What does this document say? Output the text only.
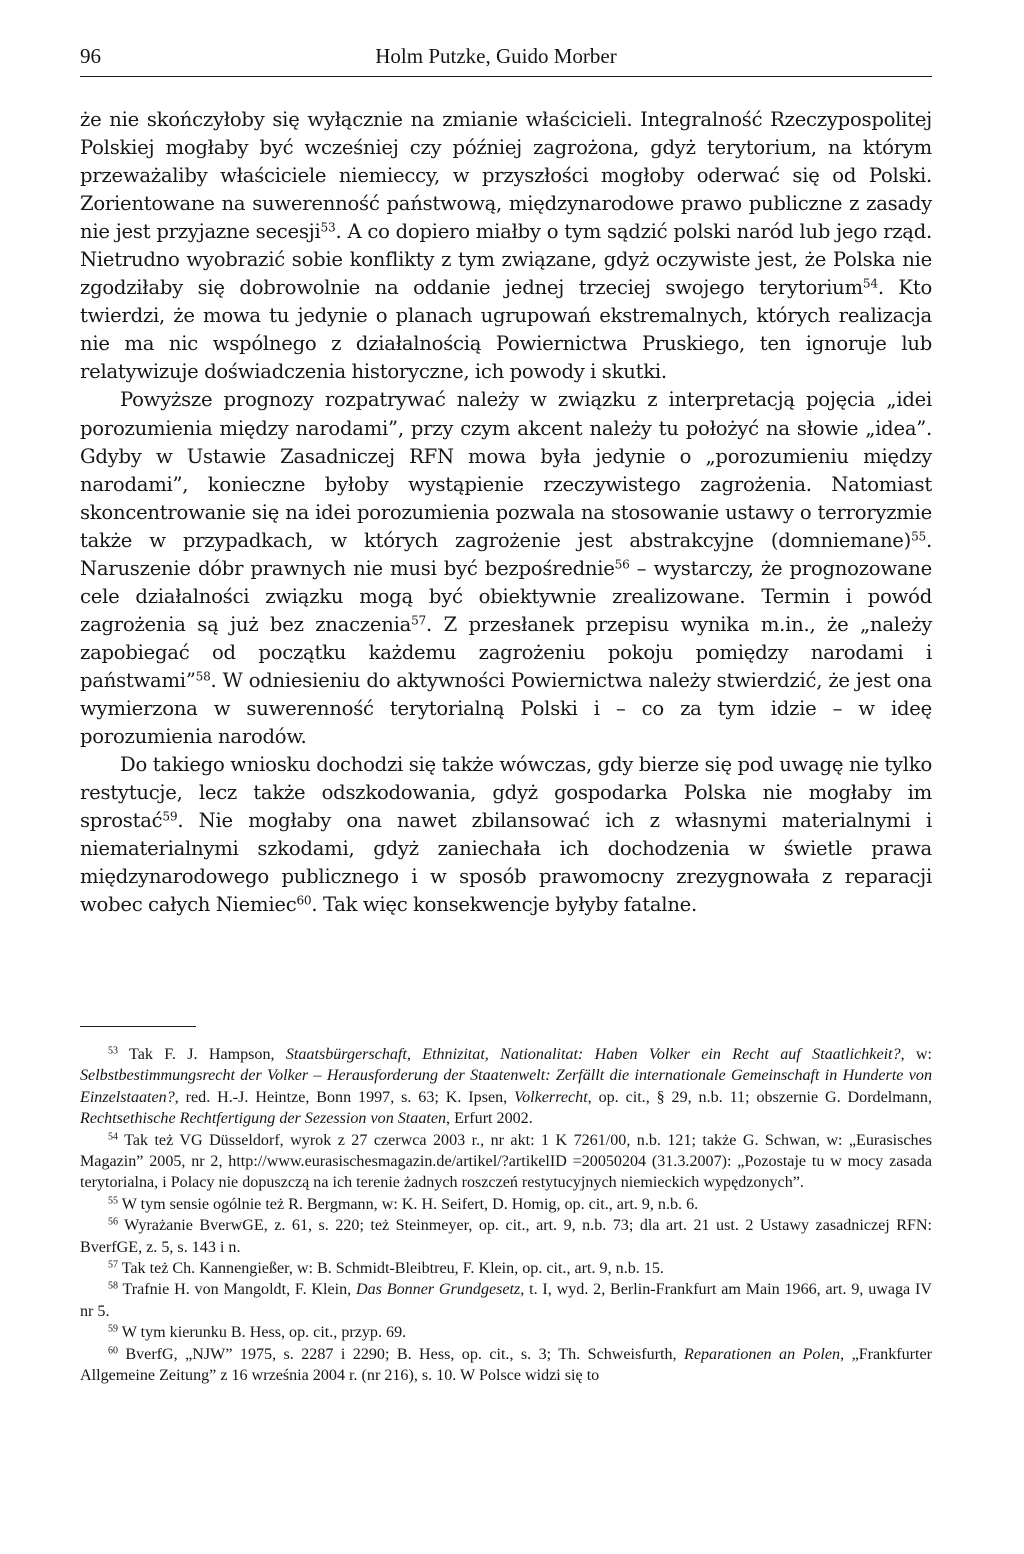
96	Holm Putzke, Guido Morber

że nie skończyłoby się wyłącznie na zmianie właścicieli. Integralność Rzeczypospolitej Polskiej mogłaby być wcześniej czy później zagrożona, gdyż terytorium, na którym przeważaliby właściciele niemieccy, w przyszłości mogłoby oderwać się od Polski. Zorientowane na suwerenność państwową, międzynarodowe prawo publiczne z zasady nie jest przyjazne secesji$^{53}$. A co dopiero miałby o tym sądzić polski naród lub jego rząd. Nietrudno wyobrazić sobie konflikty z tym związane, gdyż oczywiste jest, że Polska nie zgodziłaby się dobrowolnie na oddanie jednej trzeciej swojego terytorium$^{54}$. Kto twierdzi, że mowa tu jedynie o planach ugrupowań ekstremalnych, których realizacja nie ma nic wspólnego z działalnością Powiernictwa Pruskiego, ten ignoruje lub relatywizuje doświadczenia historyczne, ich powody i skutki.

Powyższe prognozy rozpatrywać należy w związku z interpretacją pojęcia „idei porozumienia między narodami”, przy czym akcent należy tu położyć na słowie „idea”. Gdyby w Ustawie Zasadniczej RFN mowa była jedynie o „porozumieniu między narodami”, konieczne byłoby wystąpienie rzeczywistego zagrożenia. Natomiast skoncentrowanie się na idei porozumienia pozwala na stosowanie ustawy o terroryzmie także w przypadkach, w których zagrożenie jest abstrakcyjne (domniemane)$^{55}$. Naruszenie dóbr prawnych nie musi być bezpośrednie$^{56}$ – wystarczy, że prognozowane cele działalności związku mogą być obiektywnie zrealizowane. Termin i powód zagrożenia są już bez znaczenia$^{57}$. Z przesłanek przepisu wynika m.in., że „należy zapobiegać od początku każdemu zagrożeniu pokoju pomiędzy narodami i państwami”$^{58}$. W odniesieniu do aktywności Powiernictwa należy stwierdzić, że jest ona wymierzona w suwerenność terytorialną Polski i – co za tym idzie – w ideę porozumienia narodów.

Do takiego wniosku dochodzi się także wówczas, gdy bierze się pod uwagę nie tylko restytucje, lecz także odszkodowania, gdyż gospodarka Polska nie mogłaby im sprostać$^{59}$. Nie mogłaby ona nawet zbilansować ich z własnymi materialnymi i niematerialnymi szkodami, gdyż zaniechała ich dochodzenia w świetle prawa międzynarodowego publicznego i w sposób prawomocny zrezygnowała z reparacji wobec całych Niemiec$^{60}$. Tak więc konsekwencje byłyby fatalne.

$^{53}$ Tak F. J. Hampson, Staatsbürgerschaft, Ethnizitat, Nationalitat: Haben Volker ein Recht auf Staatlichkeit?, w: Selbstbestimmungsrecht der Volker – Herausforderung der Staatenwelt: Zerfällt die internationale Gemeinschaft in Hunderte von Einzelstaaten?, red. H.-J. Heintze, Bonn 1997, s. 63; K. Ipsen, Volkerrecht, op. cit., § 29, n.b. 11; obszernie G. Dordelmann, Rechtsethische Rechtfertigung der Sezession von Staaten, Erfurt 2002.

$^{54}$ Tak też VG Düsseldorf, wyrok z 27 czerwca 2003 r., nr akt: 1 K 7261/00, n.b. 121; także G. Schwan, w: „Eurasisches Magazin” 2005, nr 2, http://www.eurasischesmagazin.de/artikel/?artikelID =20050204 (31.3.2007): „Pozostaje tu w mocy zasada terytorialna, i Polacy nie dopuszczą na ich terenie żadnych roszczeń restytucyjnych niemieckich wypędzonych”.

$^{55}$ W tym sensie ogólnie też R. Bergmann, w: K. H. Seifert, D. Homig, op. cit., art. 9, n.b. 6.

$^{56}$ Wyrażanie BverwGE, z. 61, s. 220; też Steinmeyer, op. cit., art. 9, n.b. 73; dla art. 21 ust. 2 Ustawy zasadniczej RFN: BverfGE, z. 5, s. 143 i n.

$^{57}$ Tak też Ch. Kannengießer, w: B. Schmidt-Bleibtreu, F. Klein, op. cit., art. 9, n.b. 15.

$^{58}$ Trafnie H. von Mangoldt, F. Klein, Das Bonner Grundgesetz, t. I, wyd. 2, Berlin-Frankfurt am Main 1966, art. 9, uwaga IV nr 5.

$^{59}$ W tym kierunku B. Hess, op. cit., przyp. 69.

$^{60}$ BverfG, „NJW” 1975, s. 2287 i 2290; B. Hess, op. cit., s. 3; Th. Schweisfurth, Reparationen an Polen, „Frankfurter Allgemeine Zeitung” z 16 września 2004 r. (nr 216), s. 10. W Polsce widzi się to
